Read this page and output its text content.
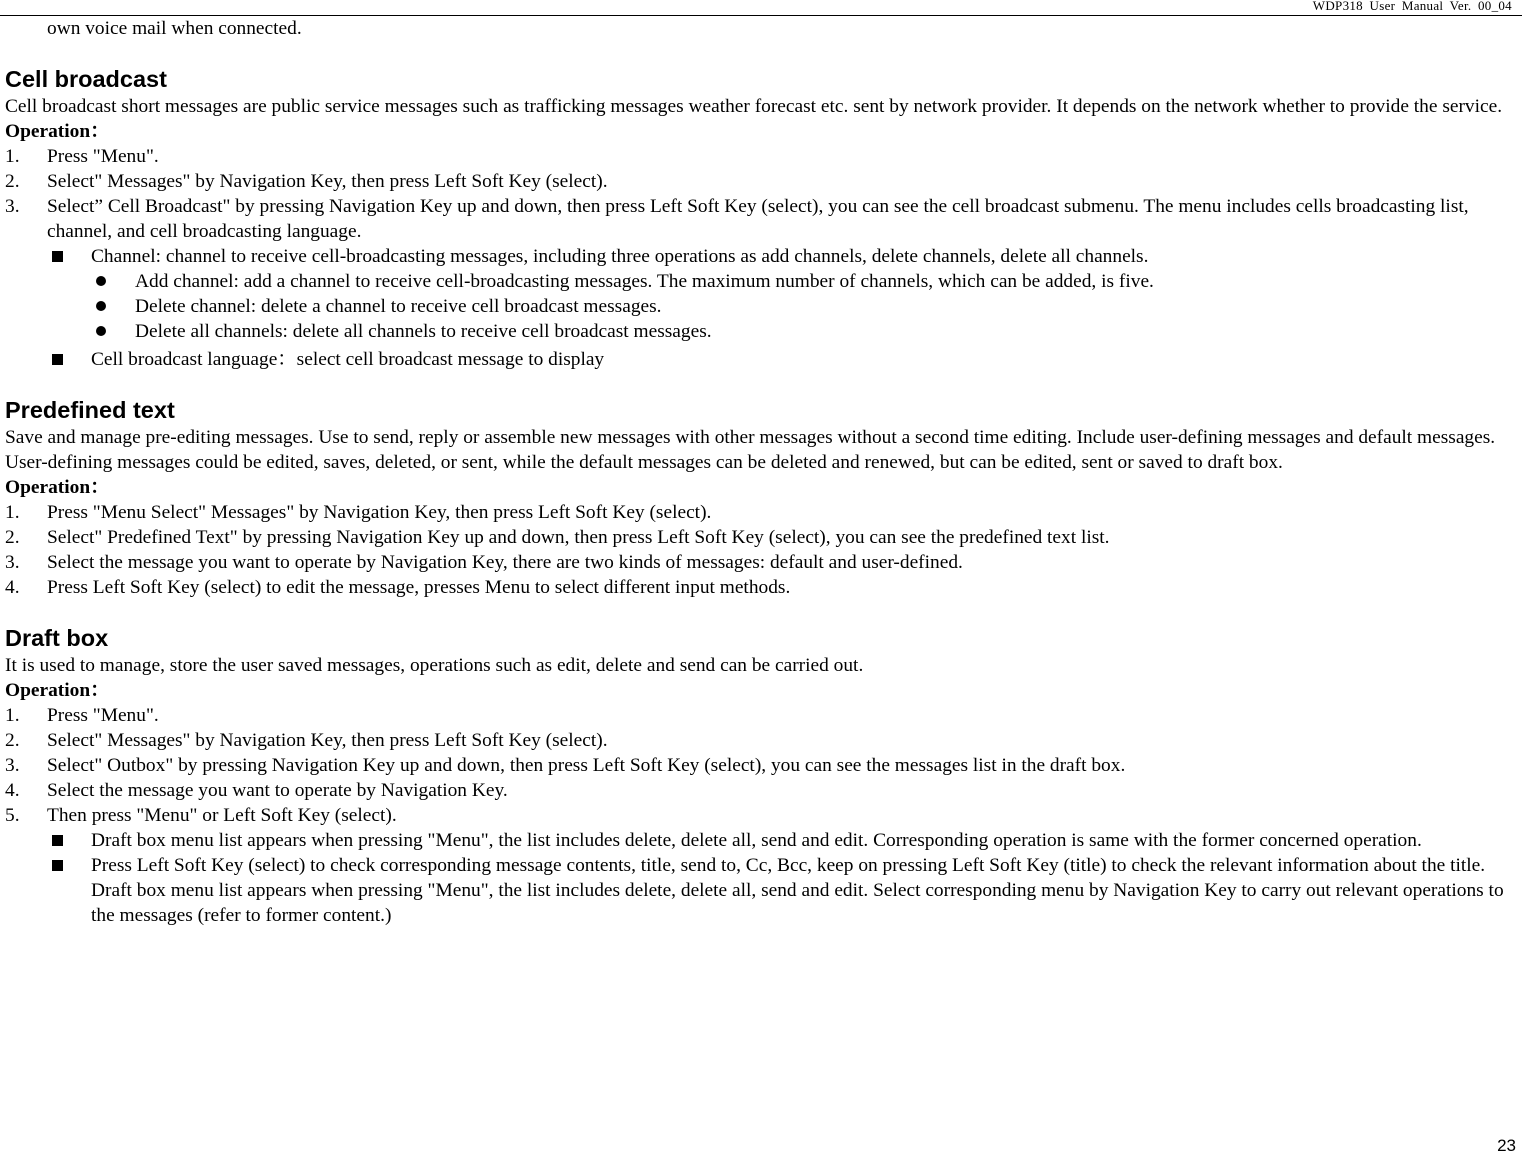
WDP318 User Manual Ver. 00_04
own voice mail when connected.
Cell broadcast

Cell broadcast short messages are public service messages such as trafficking messages weather forecast etc. sent by network provider. It depends on the network whether to provide the service.

Operation：

1. Press "Menu".
2. Select" Messages" by Navigation Key, then press Left Soft Key (select).
3. Select” Cell Broadcast" by pressing Navigation Key up and down, then press Left Soft Key (select), you can see the cell broadcast submenu. The menu includes cells broadcasting list, channel, and cell broadcasting language.
Channel: channel to receive cell-broadcasting messages, including three operations as add channels, delete channels, delete all channels.
Add channel: add a channel to receive cell-broadcasting messages. The maximum number of channels, which can be added, is five.
Delete channel: delete a channel to receive cell broadcast messages.
Delete all channels: delete all channels to receive cell broadcast messages.
Cell broadcast language：select cell broadcast message to display
Predefined text

Save and manage pre-editing messages. Use to send, reply or assemble new messages with other messages without a second time editing. Include user-defining messages and default messages. User-defining messages could be edited, saves, deleted, or sent, while the default messages can be deleted and renewed, but can be edited, sent or saved to draft box.

Operation：

1. Press "Menu Select" Messages" by Navigation Key, then press Left Soft Key (select).
2. Select" Predefined Text" by pressing Navigation Key up and down, then press Left Soft Key (select), you can see the predefined text list.
3. Select the message you want to operate by Navigation Key, there are two kinds of messages: default and user-defined.
4. Press Left Soft Key (select) to edit the message, presses Menu to select different input methods.
Draft box

It is used to manage, store the user saved messages, operations such as edit, delete and send can be carried out.

Operation：

1. Press "Menu".
2. Select" Messages" by Navigation Key, then press Left Soft Key (select).
3. Select" Outbox" by pressing Navigation Key up and down, then press Left Soft Key (select), you can see the messages list in the draft box.
4. Select the message you want to operate by Navigation Key.
5. Then press "Menu" or Left Soft Key (select).
Draft box menu list appears when pressing "Menu", the list includes delete, delete all, send and edit. Corresponding operation is same with the former concerned operation.
Press Left Soft Key (select) to check corresponding message contents, title, send to, Cc, Bcc, keep on pressing Left Soft Key (title) to check the relevant information about the title. Draft box menu list appears when pressing "Menu", the list includes delete, delete all, send and edit. Select corresponding menu by Navigation Key to carry out relevant operations to the messages (refer to former content.)
23
